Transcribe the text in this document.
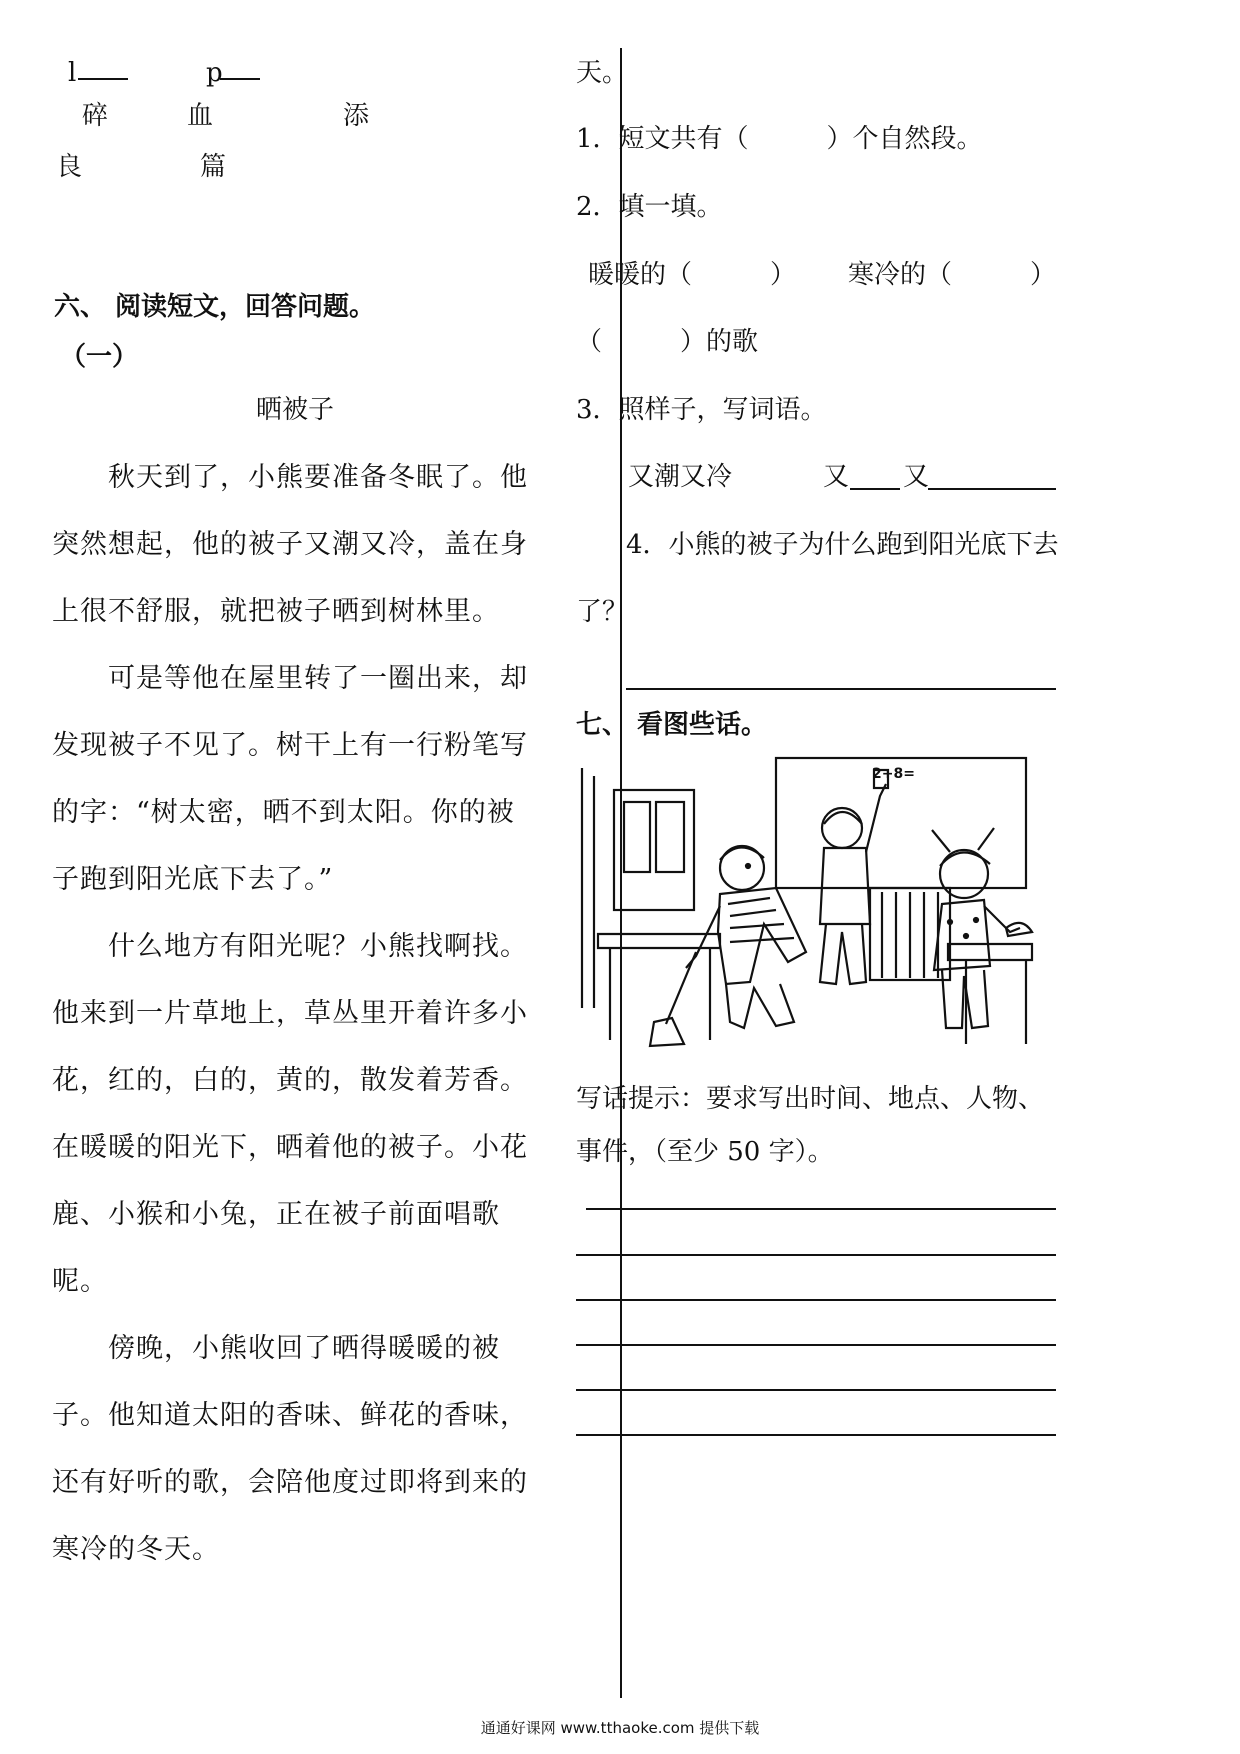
l	p
碎	血	添
良	篇
六、 阅读短文，回答问题。
（一）
晒被子

秋天到了，小熊要准备冬眠了。他突然想起，他的被子又潮又冷，盖在身上很不舒服，就把被子晒到树林里。

可是等他在屋里转了一圈出来，却发现被子不见了。树干上有一行粉笔写的字：“树太密，晒不到太阳。你的被子跑到阳光底下去了。”

什么地方有阳光呢？小熊找啊找。他来到一片草地上，草丛里开着许多小花，红的，白的，黄的，散发着芳香。在暖暖的阳光下，晒着他的被子。小花鹿、小猴和小兔，正在被子前面唱歌呢。

傍晚，小熊收回了晒得暖暖的被子。他知道太阳的香味、鲜花的香味，还有好听的歌，会陪他度过即将到来的寒冷的冬天。

天。
1．短文共有（　　　）个自然段。
2．填一填。
暖暖的（　　　） 寒冷的（　　　）
（　　　）的歌
3．照样子，写词语。
又潮又冷	又 又
4．小熊的被子为什么跑到阳光底下去
了？
七、 看图些话。
2+8=
写话提示：要求写出时间、地点、人物、
事件，（至少 50 字）。
通通好课网 www.tthaoke.com 提供下载
